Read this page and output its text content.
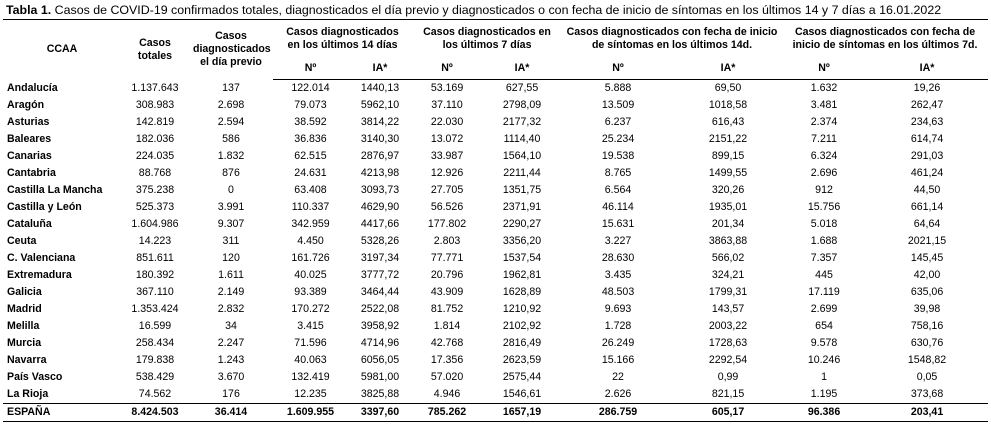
Tabla 1. Casos de COVID-19 confirmados totales, diagnosticados el día previo y diagnosticados o con fecha de inicio de síntomas en los últimos 14 y 7 días a 16.01.2022
CCAA	Casos totales	Casos diagnosticados el día previo	Casos diagnosticados en los últimos 14 días		Casos diagnosticados en los últimos 7 días		Casos diagnosticados con fecha de inicio de síntomas en los últimos 14d.		Casos diagnosticados con fecha de inicio de síntomas en los últimos 7d.	
			Nº	IA*	Nº	IA*	Nº	IA*	Nº	IA*
Andalucía	1.137.643	137	122.014	1440,13	53.169	627,55	5.888	69,50	1.632	19,26
Aragón	308.983	2.698	79.073	5962,10	37.110	2798,09	13.509	1018,58	3.481	262,47
Asturias	142.819	2.594	38.592	3814,22	22.030	2177,32	6.237	616,43	2.374	234,63
Baleares	182.036	586	36.836	3140,30	13.072	1114,40	25.234	2151,22	7.211	614,74
Canarias	224.035	1.832	62.515	2876,97	33.987	1564,10	19.538	899,15	6.324	291,03
Cantabria	88.768	876	24.631	4213,98	12.926	2211,44	8.765	1499,55	2.696	461,24
Castilla La Mancha	375.238	0	63.408	3093,73	27.705	1351,75	6.564	320,26	912	44,50
Castilla y León	525.373	3.991	110.337	4629,90	56.526	2371,91	46.114	1935,01	15.756	661,14
Cataluña	1.604.986	9.307	342.959	4417,66	177.802	2290,27	15.631	201,34	5.018	64,64
Ceuta	14.223	311	4.450	5328,26	2.803	3356,20	3.227	3863,88	1.688	2021,15
C. Valenciana	851.611	120	161.726	3197,34	77.771	1537,54	28.630	566,02	7.357	145,45
Extremadura	180.392	1.611	40.025	3777,72	20.796	1962,81	3.435	324,21	445	42,00
Galicia	367.110	2.149	93.389	3464,44	43.909	1628,89	48.503	1799,31	17.119	635,06
Madrid	1.353.424	2.832	170.272	2522,08	81.752	1210,92	9.693	143,57	2.699	39,98
Melilla	16.599	34	3.415	3958,92	1.814	2102,92	1.728	2003,22	654	758,16
Murcia	258.434	2.247	71.596	4714,96	42.768	2816,49	26.249	1728,63	9.578	630,76
Navarra	179.838	1.243	40.063	6056,05	17.356	2623,59	15.166	2292,54	10.246	1548,82
País Vasco	538.429	3.670	132.419	5981,00	57.020	2575,44	22	0,99	1	0,05
La Rioja	74.562	176	12.235	3825,88	4.946	1546,61	2.626	821,15	1.195	373,68
ESPAÑA	8.424.503	36.414	1.609.955	3397,60	785.262	1657,19	286.759	605,17	96.386	203,41
